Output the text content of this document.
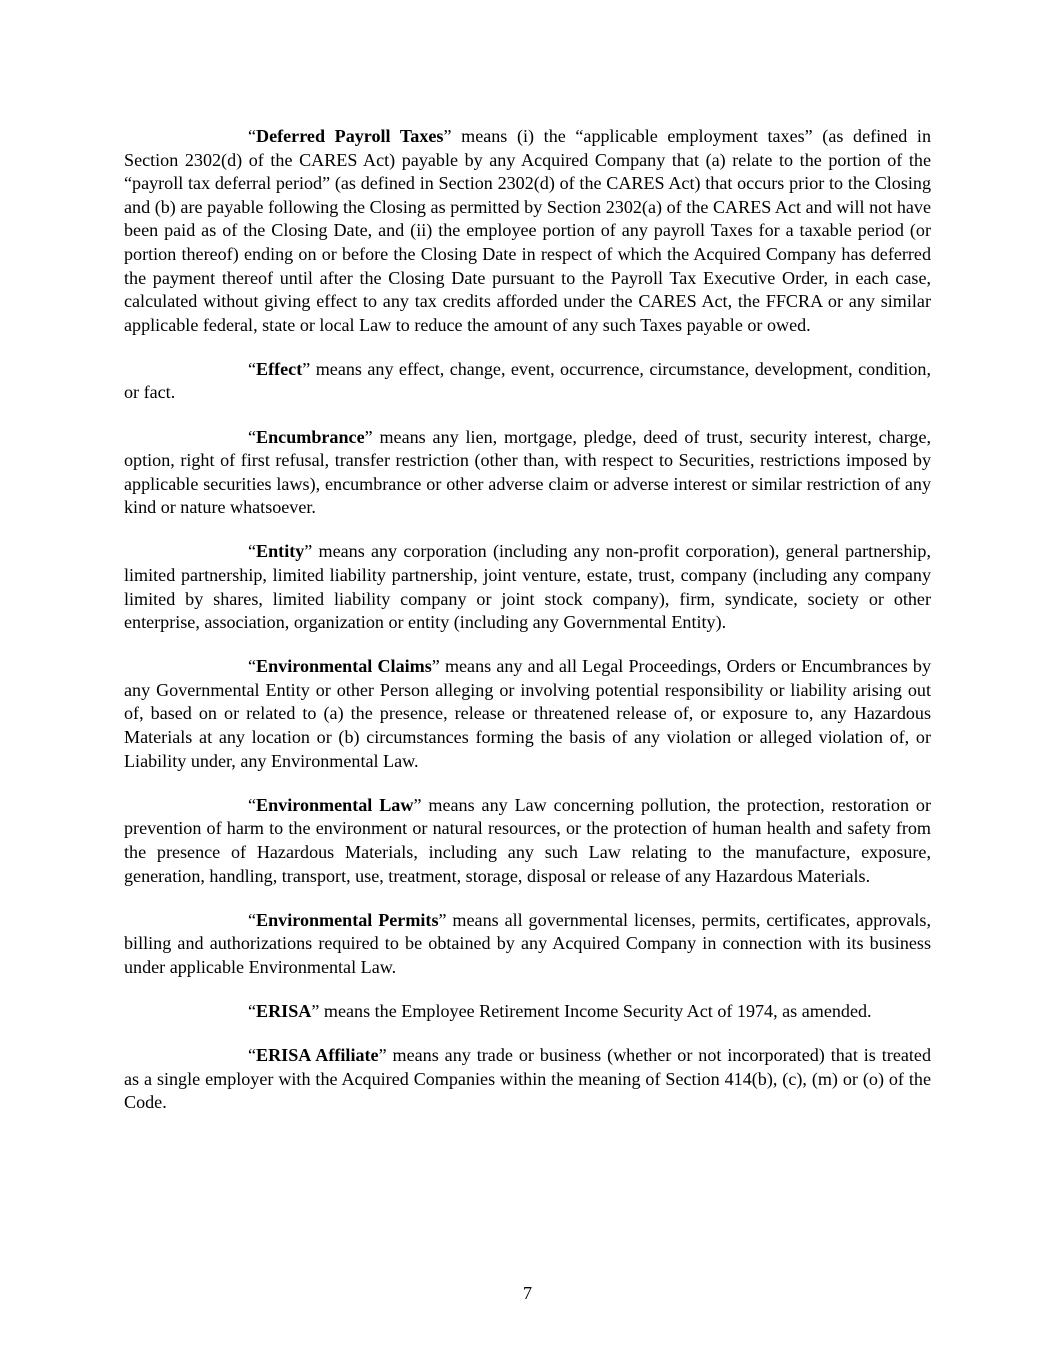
“Deferred Payroll Taxes” means (i) the “applicable employment taxes” (as defined in Section 2302(d) of the CARES Act) payable by any Acquired Company that (a) relate to the portion of the “payroll tax deferral period” (as defined in Section 2302(d) of the CARES Act) that occurs prior to the Closing and (b) are payable following the Closing as permitted by Section 2302(a) of the CARES Act and will not have been paid as of the Closing Date, and (ii) the employee portion of any payroll Taxes for a taxable period (or portion thereof) ending on or before the Closing Date in respect of which the Acquired Company has deferred the payment thereof until after the Closing Date pursuant to the Payroll Tax Executive Order, in each case, calculated without giving effect to any tax credits afforded under the CARES Act, the FFCRA or any similar applicable federal, state or local Law to reduce the amount of any such Taxes payable or owed.

“Effect” means any effect, change, event, occurrence, circumstance, development, condition, or fact.

“Encumbrance” means any lien, mortgage, pledge, deed of trust, security interest, charge, option, right of first refusal, transfer restriction (other than, with respect to Securities, restrictions imposed by applicable securities laws), encumbrance or other adverse claim or adverse interest or similar restriction of any kind or nature whatsoever.

“Entity” means any corporation (including any non-profit corporation), general partnership, limited partnership, limited liability partnership, joint venture, estate, trust, company (including any company limited by shares, limited liability company or joint stock company), firm, syndicate, society or other enterprise, association, organization or entity (including any Governmental Entity).

“Environmental Claims” means any and all Legal Proceedings, Orders or Encumbrances by any Governmental Entity or other Person alleging or involving potential responsibility or liability arising out of, based on or related to (a) the presence, release or threatened release of, or exposure to, any Hazardous Materials at any location or (b) circumstances forming the basis of any violation or alleged violation of, or Liability under, any Environmental Law.

“Environmental Law” means any Law concerning pollution, the protection, restoration or prevention of harm to the environment or natural resources, or the protection of human health and safety from the presence of Hazardous Materials, including any such Law relating to the manufacture, exposure, generation, handling, transport, use, treatment, storage, disposal or release of any Hazardous Materials.

“Environmental Permits” means all governmental licenses, permits, certificates, approvals, billing and authorizations required to be obtained by any Acquired Company in connection with its business under applicable Environmental Law.

“ERISA” means the Employee Retirement Income Security Act of 1974, as amended.

“ERISA Affiliate” means any trade or business (whether or not incorporated) that is treated as a single employer with the Acquired Companies within the meaning of Section 414(b), (c), (m) or (o) of the Code.

7
